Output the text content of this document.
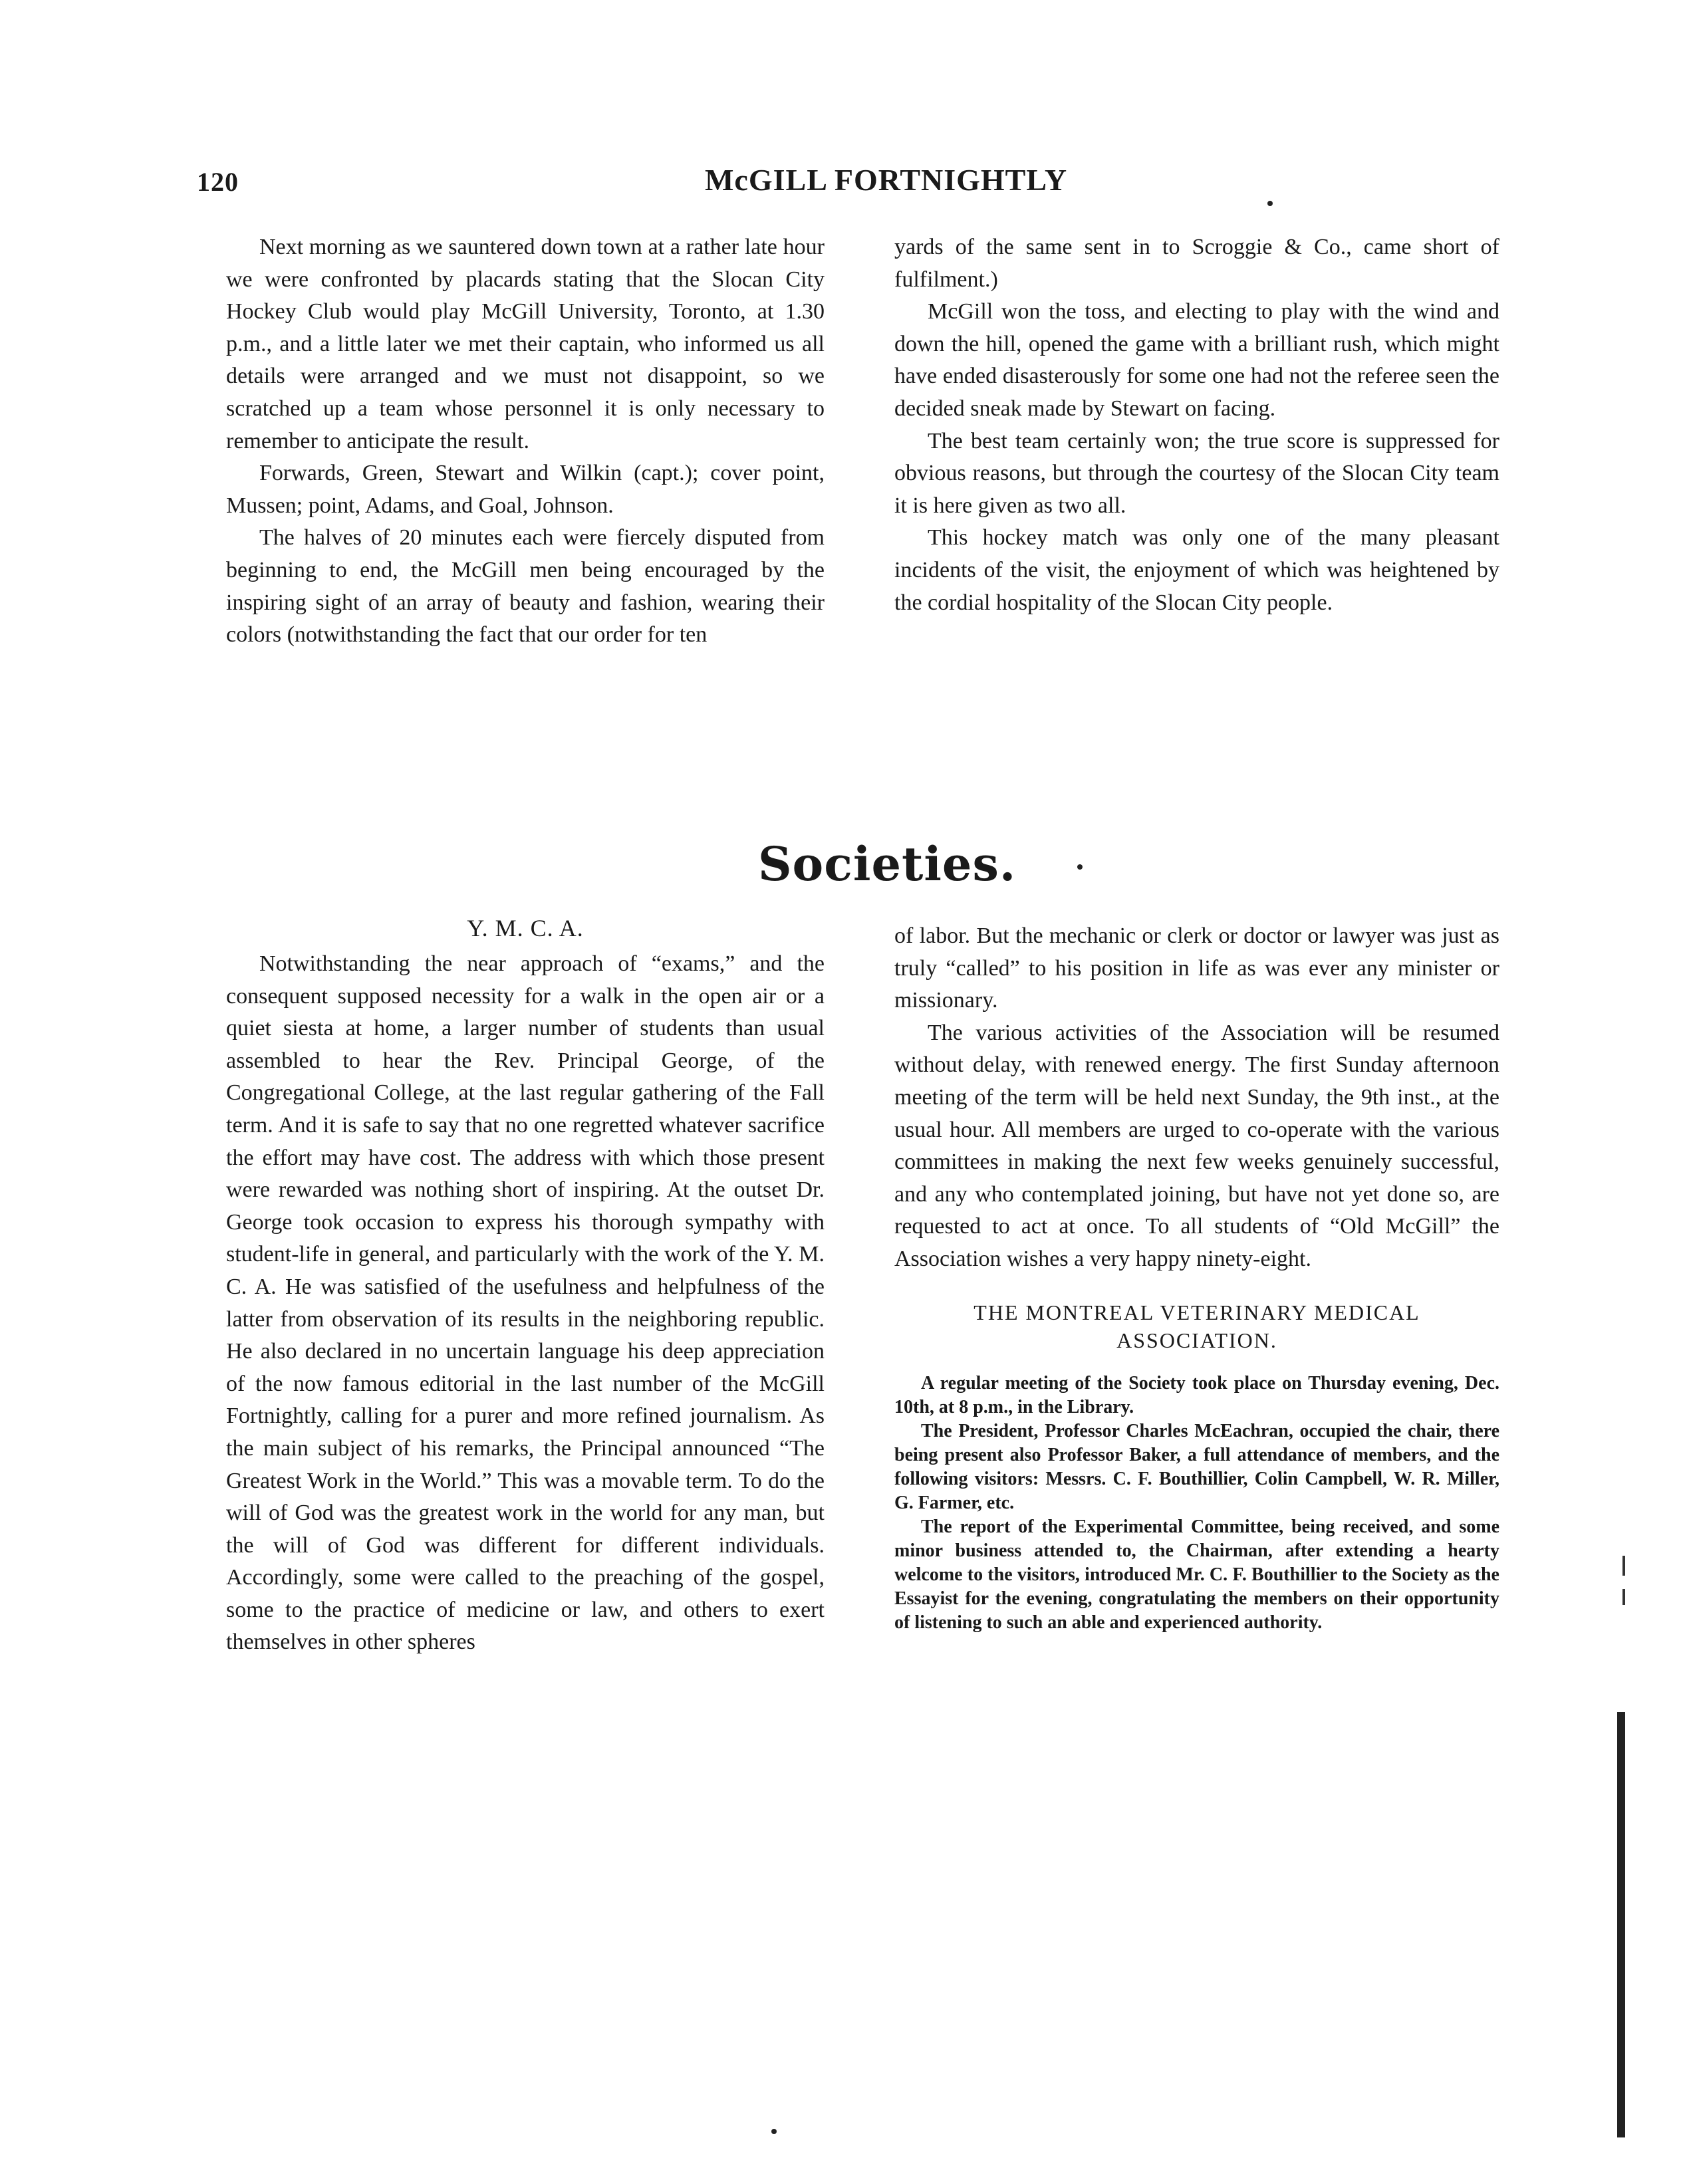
120	McGILL FORTNIGHTLY

Next morning as we sauntered down town at a rather late hour we were confronted by placards stating that the Slocan City Hockey Club would play McGill University, Toronto, at 1.30 p.m., and a little later we met their captain, who informed us all details were arranged and we must not disappoint, so we scratched up a team whose personnel it is only necessary to remember to anticipate the result.

Forwards, Green, Stewart and Wilkin (capt.); cover point, Mussen; point, Adams, and Goal, Johnson.

The halves of 20 minutes each were fiercely disputed from beginning to end, the McGill men being encouraged by the inspiring sight of an array of beauty and fashion, wearing their colors (notwithstanding the fact that our order for ten

yards of the same sent in to Scroggie & Co., came short of fulfilment.)

McGill won the toss, and electing to play with the wind and down the hill, opened the game with a brilliant rush, which might have ended disasterously for some one had not the referee seen the decided sneak made by Stewart on facing.

The best team certainly won; the true score is suppressed for obvious reasons, but through the courtesy of the Slocan City team it is here given as two all.

This hockey match was only one of the many pleasant incidents of the visit, the enjoyment of which was heightened by the cordial hospitality of the Slocan City people.

Societies.
Y. M. C. A.

Notwithstanding the near approach of “exams,” and the consequent supposed necessity for a walk in the open air or a quiet siesta at home, a larger number of students than usual assembled to hear the Rev. Principal George, of the Congregational College, at the last regular gathering of the Fall term. And it is safe to say that no one regretted whatever sacrifice the effort may have cost. The address with which those present were rewarded was nothing short of inspiring. At the outset Dr. George took occasion to express his thorough sympathy with student-life in general, and particularly with the work of the Y. M. C. A. He was satisfied of the usefulness and helpfulness of the latter from observation of its results in the neighboring republic. He also declared in no uncertain language his deep appreciation of the now famous editorial in the last number of the McGill Fortnightly, calling for a purer and more refined journalism. As the main subject of his remarks, the Principal announced “The Greatest Work in the World.” This was a movable term. To do the will of God was the greatest work in the world for any man, but the will of God was different for different individuals. Accordingly, some were called to the preaching of the gospel, some to the practice of medicine or law, and others to exert themselves in other spheres

of labor. But the mechanic or clerk or doctor or lawyer was just as truly “called” to his position in life as was ever any minister or missionary.

The various activities of the Association will be resumed without delay, with renewed energy. The first Sunday afternoon meeting of the term will be held next Sunday, the 9th inst., at the usual hour. All members are urged to co-operate with the various committees in making the next few weeks genuinely successful, and any who contemplated joining, but have not yet done so, are requested to act at once. To all students of “Old McGill” the Association wishes a very happy ninety-eight.

THE MONTREAL VETERINARY MEDICAL ASSOCIATION.

A regular meeting of the Society took place on Thursday evening, Dec. 10th, at 8 p.m., in the Library.

The President, Professor Charles McEachran, occupied the chair, there being present also Professor Baker, a full attendance of members, and the following visitors: Messrs. C. F. Bouthillier, Colin Campbell, W. R. Miller, G. Farmer, etc.

The report of the Experimental Committee, being received, and some minor business attended to, the Chairman, after extending a hearty welcome to the visitors, introduced Mr. C. F. Bouthillier to the Society as the Essayist for the evening, congratulating the members on their opportunity of listening to such an able and experienced authority.
